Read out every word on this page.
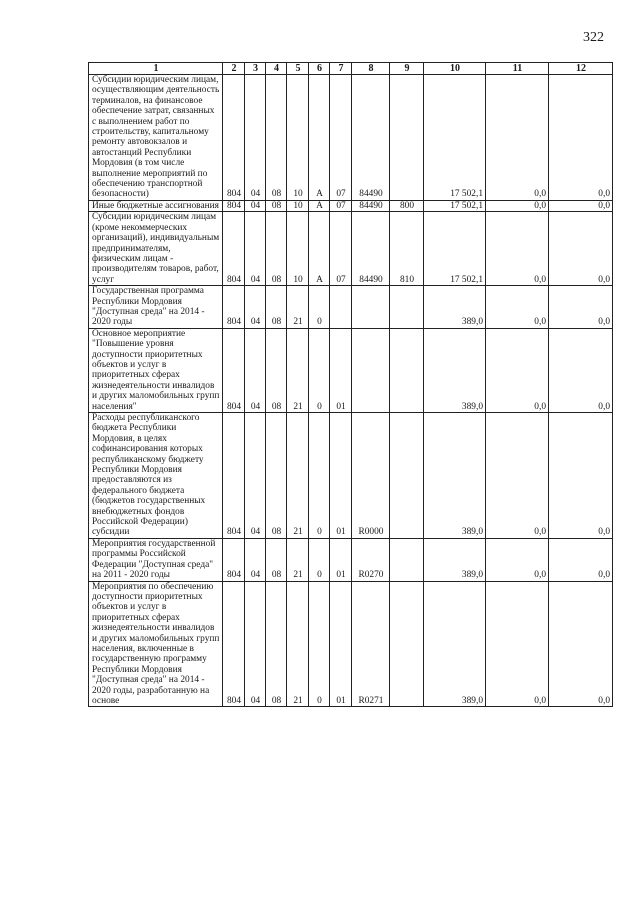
322
1	2	3	4	5	6	7	8	9	10	11	12
Субсидии юридическим лицам, осуществляющим деятельность терминалов, на финансовое обеспечение затрат, связанных с выполнением работ по строительству, капитальному ремонту автовокзалов и автостанций Республики Мордовия (в том числе выполнение мероприятий по обеспечению транспортной безопасности)	804	04	08	10	А	07	84490		17 502,1	0,0	0,0
Иные бюджетные ассигнования	804	04	08	10	А	07	84490	800	17 502,1	0,0	0,0
Субсидии юридическим лицам (кроме некоммерческих организаций), индивидуальным предпринимателям, физическим лицам - производителям товаров, работ, услуг	804	04	08	10	А	07	84490	810	17 502,1	0,0	0,0
Государственная программа Республики Мордовия "Доступная среда" на 2014 - 2020 годы	804	04	08	21	0				389,0	0,0	0,0
Основное мероприятие "Повышение уровня доступности приоритетных объектов и услуг в приоритетных сферах жизнедеятельности инвалидов и других маломобильных групп населения"	804	04	08	21	0	01			389,0	0,0	0,0
Расходы республиканского бюджета Республики Мордовия, в целях софинансирования которых республиканскому бюджету Республики Мордовия предоставляются из федерального бюджета (бюджетов государственных внебюджетных фондов Российской Федерации) субсидии	804	04	08	21	0	01	R0000		389,0	0,0	0,0
Мероприятия государственной программы Российской Федерации "Доступная среда" на 2011 - 2020 годы	804	04	08	21	0	01	R0270		389,0	0,0	0,0
Мероприятия по обеспечению доступности приоритетных объектов и услуг в приоритетных сферах жизнедеятельности инвалидов и других маломобильных групп населения, включенные в государственную программу Республики Мордовия "Доступная среда" на 2014 - 2020 годы, разработанную на основе	804	04	08	21	0	01	R0271		389,0	0,0	0,0
